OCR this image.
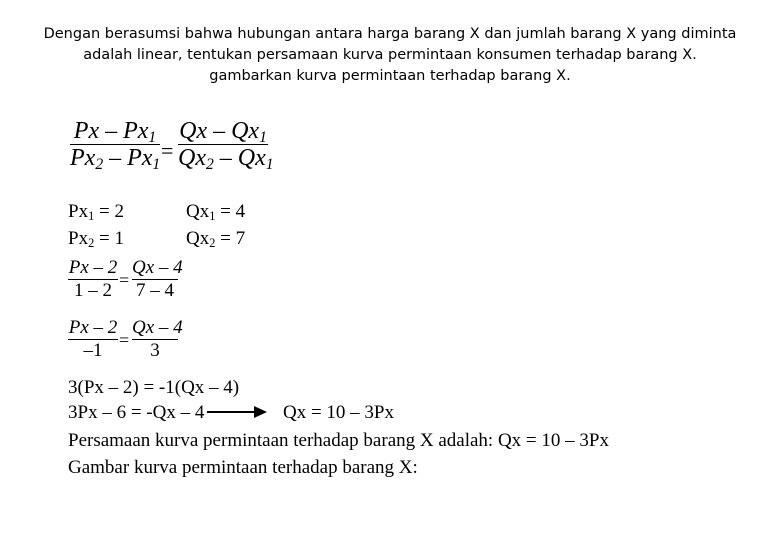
Dengan berasumsi bahwa hubungan antara harga barang X dan jumlah barang X yang diminta
adalah linear, tentukan persamaan kurva permintaan konsumen terhadap barang X.
gambarkan kurva permintaan terhadap barang X.
Px – $Px_1$
$Px_2 - Px_1$
=
Qx – $Qx_1$
$Qx_2 - Qx_1$
$Px_1 = 2$	$Qx_1 = 4$
$Px_2 = 1$	$Qx_2 = 7$
Px – 2
1 – 2 =
Qx – 4
7 – 4
Px – 2
–1 =
Qx – 4
3
3(Px – 2) = -1(Qx – 4)
3Px – 6 = -Qx – 4	Qx = 10 – 3Px
Persamaan kurva permintaan terhadap barang X adalah: Qx = 10 – 3Px
Gambar kurva permintaan terhadap barang X:
